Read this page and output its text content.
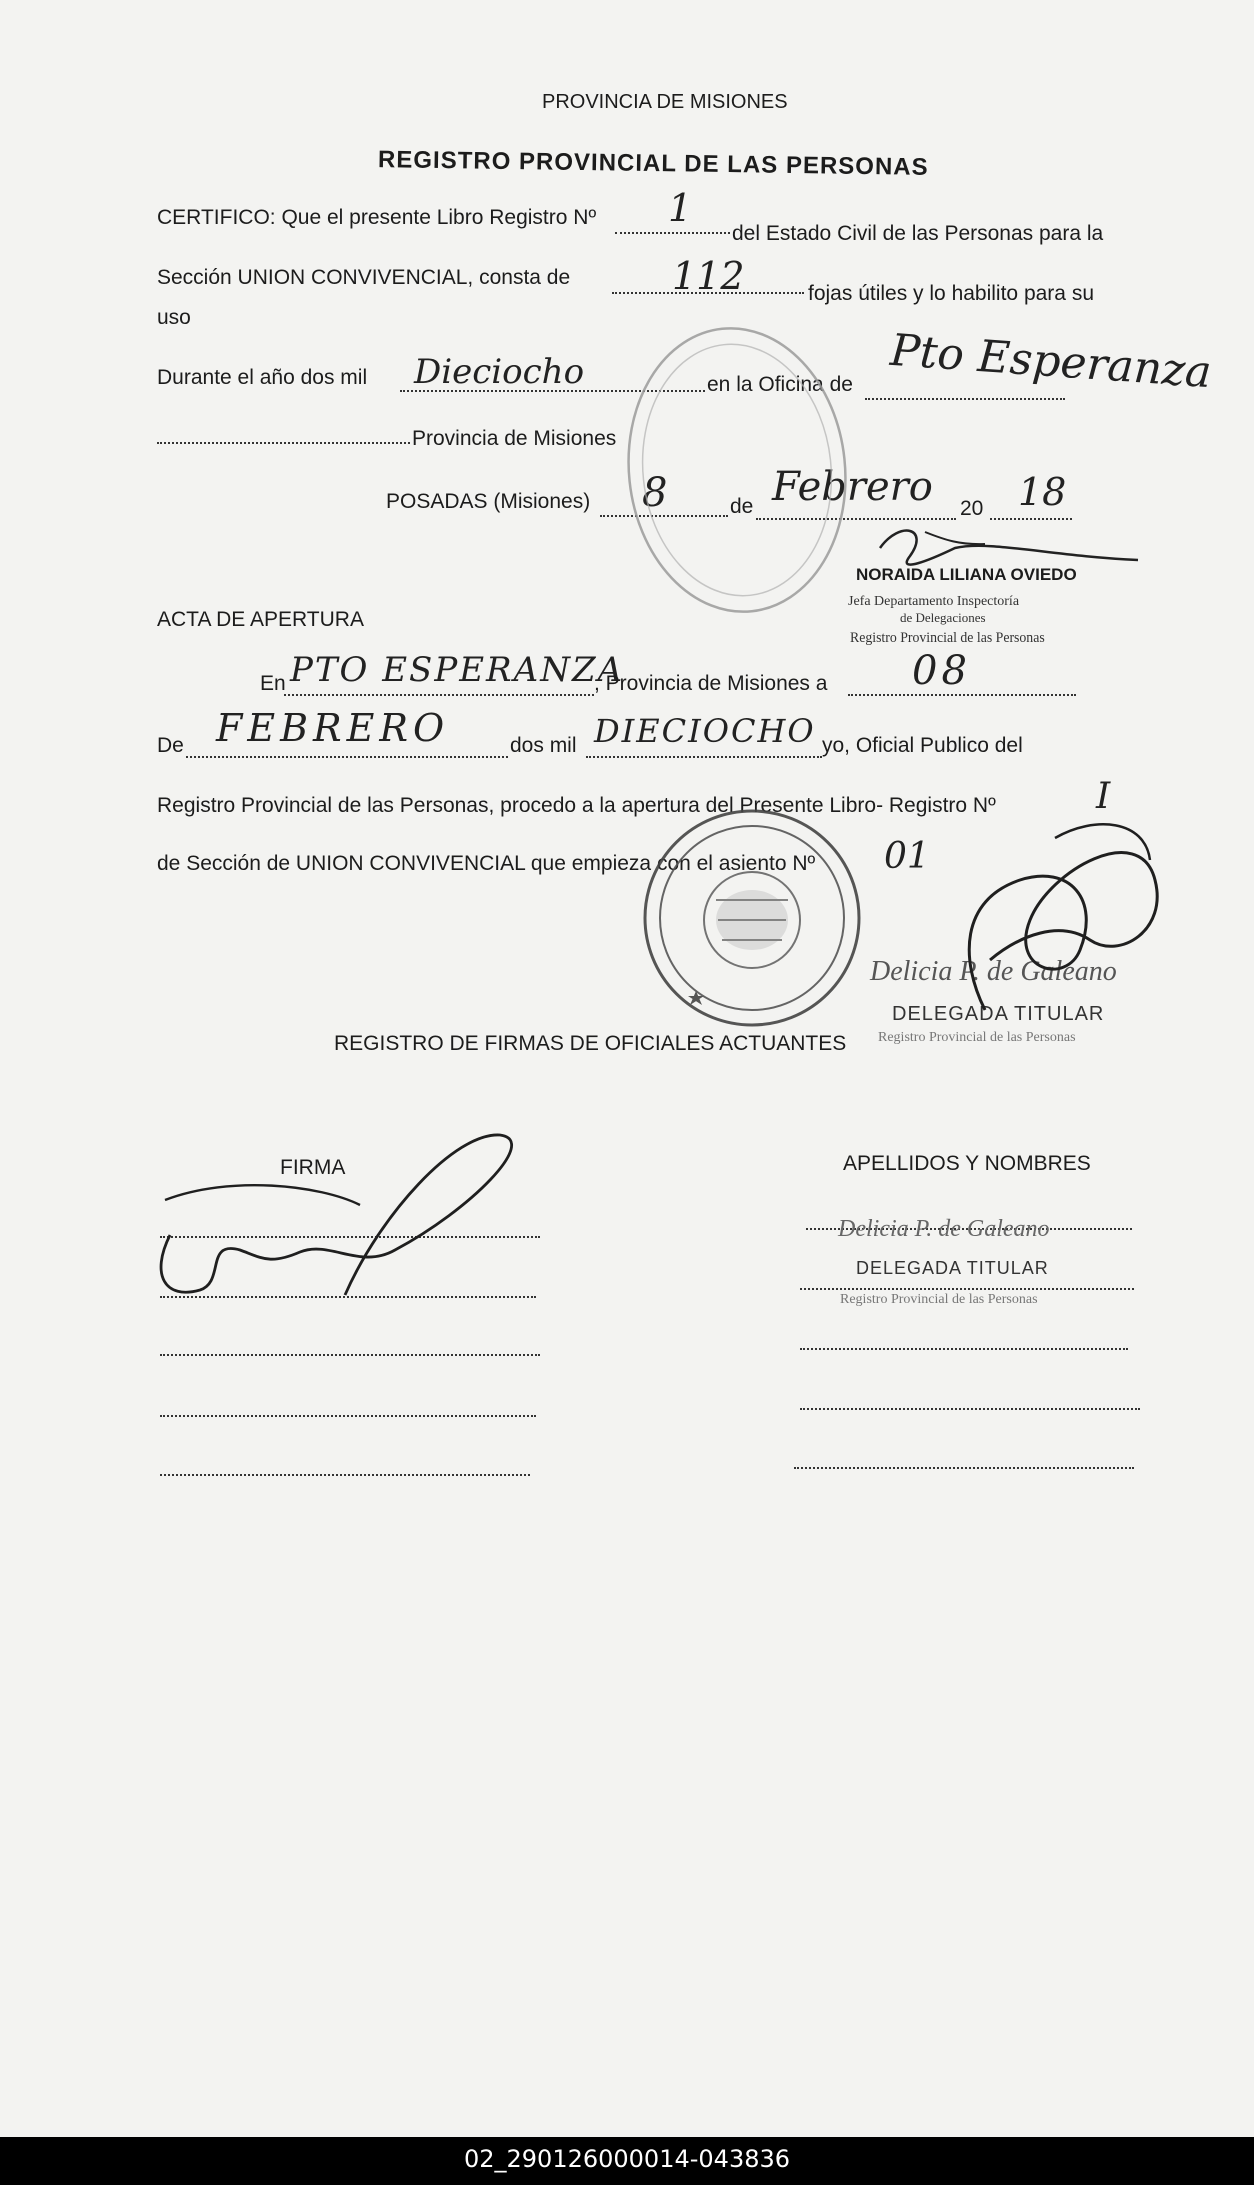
PROVINCIA DE MISIONES
REGISTRO PROVINCIAL DE LAS PERSONAS
CERTIFICO: Que el presente Libro Registro Nº 1
del Estado Civil de las Personas para la
Sección UNION CONVIVENCIAL, consta de	112	fojas útiles y lo habilito para su
uso
Durante el año dos mil Dieciocho	en la Oficina de Pto Esperanza
Provincia de Misiones
POSADAS (Misiones) 8	de Febrero 20 18
NORAIDA LILIANA OVIEDO
Jefa Departamento Inspectoría
de Delegaciones
Registro Provincial de las Personas
ACTA DE APERTURA
En PTO ESPERANZA
, Provincia de Misiones a 08
De FEBRERO	dos mil DIECIOCHO yo, Oficial Publico del
Registro Provincial de las Personas, procedo a la apertura del Presente Libro- Registro Nº	I
de Sección de UNION CONVIVENCIAL que empieza con el asiento Nº 01
Delicia P. de Galeano
DELEGADA TITULAR
Registro Provincial de las Personas
REGISTRO DE FIRMAS DE OFICIALES ACTUANTES
FIRMA	APELLIDOS Y NOMBRES
Delicia P. de Galeano
DELEGADA TITULAR
Registro Provincial de las Personas
02_290126000014-043836
